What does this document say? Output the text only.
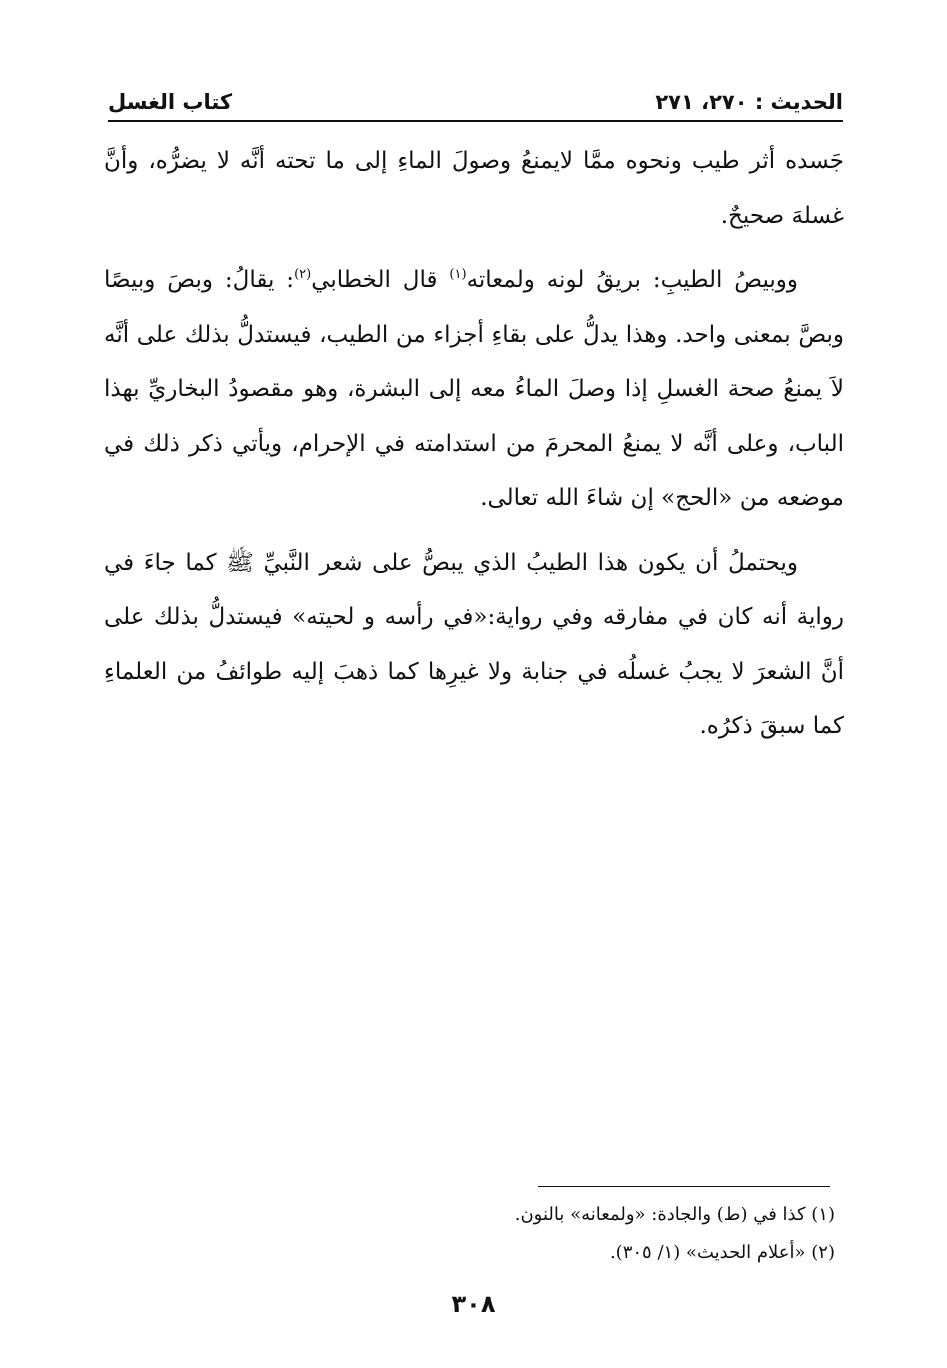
الحديث : ٢٧٠، ٢٧١
كتاب الغسل

جَسده أثر طيب ونحوه ممَّا لايمنعُ وصولَ الماءِ إلى ما تحته أنَّه لا يضرُّه، وأنَّ غسلهَ صحيحٌ.

ووبيصُ الطيبِ: بريقُ لونه ولمعاته$^{(١)}$ قال الخطابي$^{(٢)}$: يقالُ: وبصَ وبيصًا وبصَّ بمعنى واحد. وهذا يدلُّ على بقاءِ أجزاء من الطيب، فيستدلُّ بذلك على أنَّه لاَ يمنعُ صحة الغسلِ إذا وصلَ الماءُ معه إلى البشرة، وهو مقصودُ البخاريِّ بهذا الباب، وعلى أنَّه لا يمنعُ المحرمَ من استدامته في الإحرام، ويأتي ذكر ذلك في موضعه من «الحج» إن شاءَ الله تعالى.

ويحتملُ أن يكون هذا الطيبُ الذي يبصُّ على شعر النَّبيِّ ﷺ كما جاءَ في رواية أنه كان في مفارقه وفي رواية:«في رأسه و لحيته» فيستدلُّ بذلك على أنَّ الشعرَ لا يجبُ غسلُه في جنابة ولا غيرِها كما ذهبَ إليه طوائفُ من العلماءِ كما سبقَ ذكرُه.

(١) كذا في (ط) والجادة: «ولمعانه» بالنون.

(٢) «أعلام الحديث» (١/ ٣٠٥).

٣٠٨
